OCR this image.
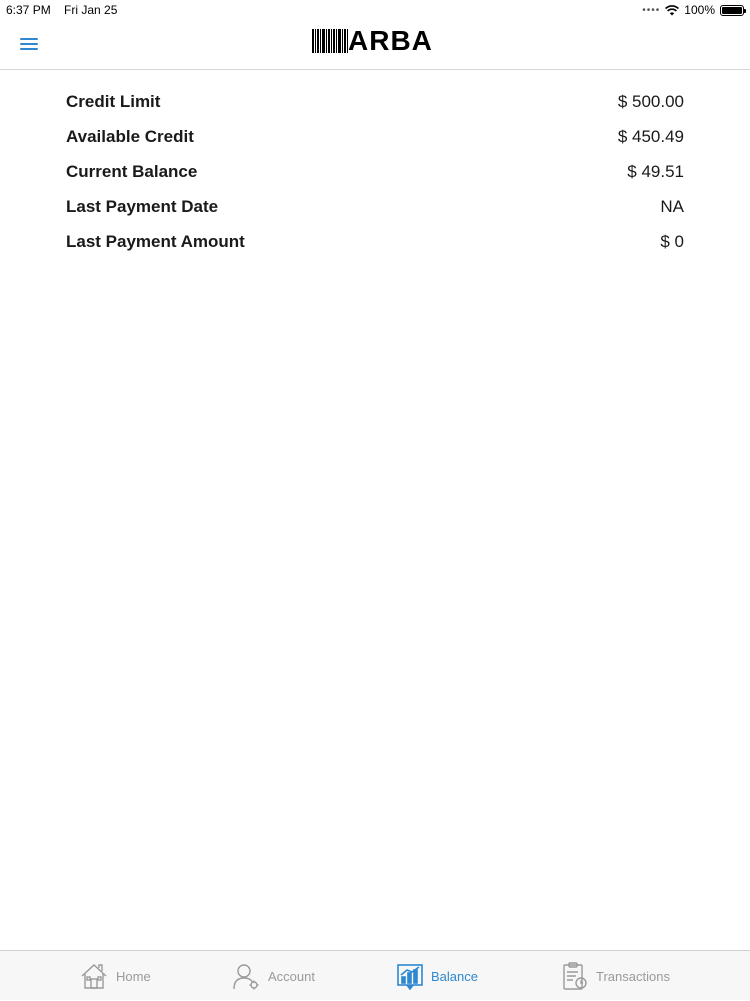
6:37 PM Fri Jan 25	•••• 100%
ARBA
Credit Limit	$ 500.00
Available Credit	$ 450.49
Current Balance	$ 49.51
Last Payment Date	NA
Last Payment Amount	$ 0
Home	Account	Balance	Transactions
